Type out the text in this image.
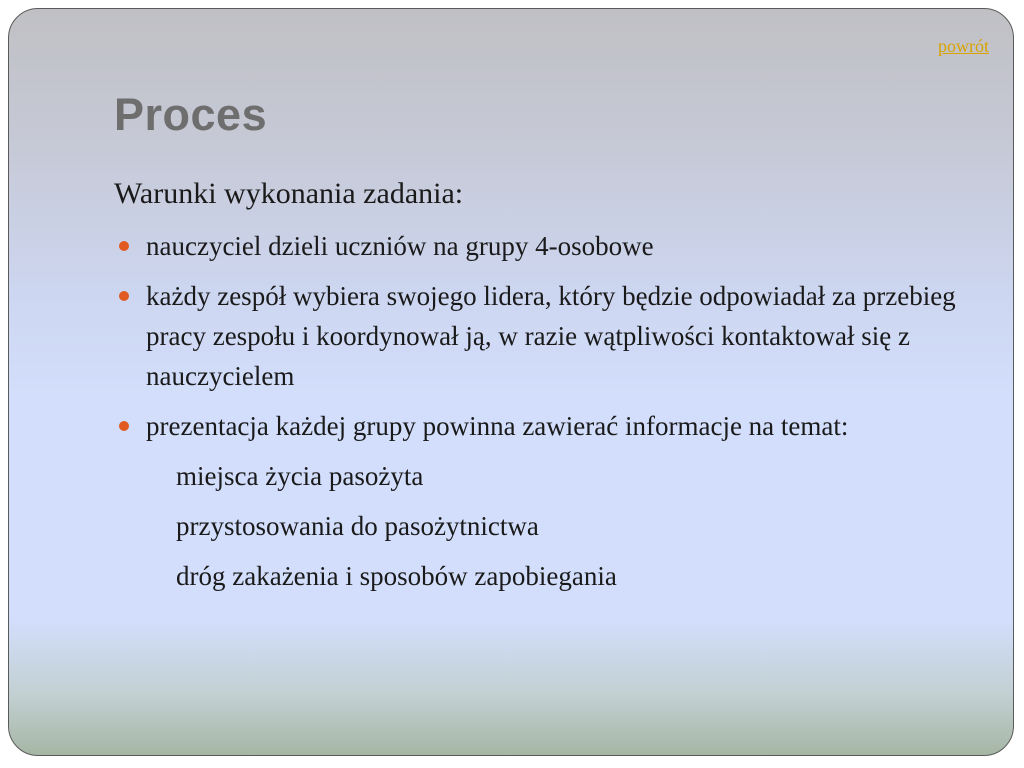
powrót
Proces

Warunki wykonania zadania:

nauczyciel dzieli uczniów na grupy 4-osobowe
każdy zespół wybiera swojego lidera, który będzie odpowiadał za przebieg pracy zespołu i koordynował ją, w razie wątpliwości kontaktował się z nauczycielem
prezentacja każdej grupy powinna zawierać informacje na temat:
miejsca życia pasożyta
przystosowania do pasożytnictwa
dróg zakażenia i sposobów zapobiegania
